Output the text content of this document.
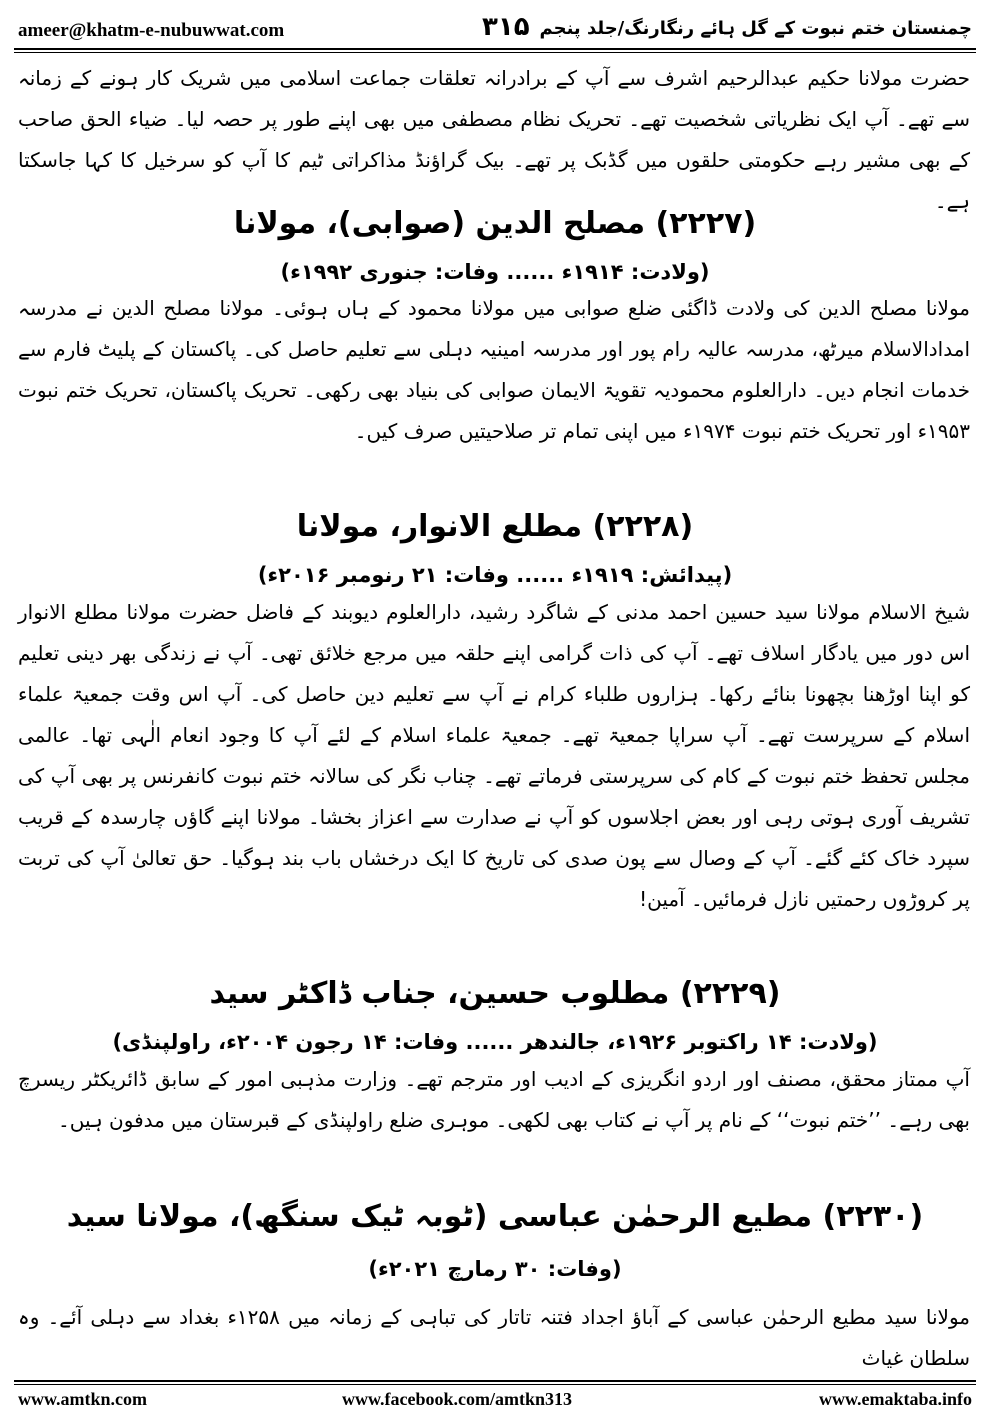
ameer@khatm-e-nubuwwat.com	۳۱۵ چمنستان ختم نبوت کے گل ہائے رنگارنگ/جلد پنجم
حضرت مولانا حکیم عبدالرحیم اشرف سے آپ کے برادرانہ تعلقات جماعت اسلامی میں شریک کار ہونے کے زمانہ سے تھے۔ آپ ایک نظریاتی شخصیت تھے۔ تحریک نظام مصطفی میں بھی اپنے طور پر حصہ لیا۔ ضیاء الحق صاحب کے بھی مشیر رہے حکومتی حلقوں میں گڈبک پر تھے۔ بیک گراؤنڈ مذاکراتی ٹیم کا آپ کو سرخیل کا کہا جاسکتا ہے۔
(۲۲۲۷) مصلح الدین (صوابی)، مولانا
(ولادت: ۱۹۱۴ء ...... وفات: جنوری ۱۹۹۲ء)
مولانا مصلح الدین کی ولادت ڈاگئی ضلع صوابی میں مولانا محمود کے ہاں ہوئی۔ مولانا مصلح الدین نے مدرسہ امدادالاسلام میرٹھ، مدرسہ عالیہ رام پور اور مدرسہ امینیہ دہلی سے تعلیم حاصل کی۔ پاکستان کے پلیٹ فارم سے خدمات انجام دیں۔ دارالعلوم محمودیہ تقویۃ الایمان صوابی کی بنیاد بھی رکھی۔ تحریک پاکستان، تحریک ختم نبوت ۱۹۵۳ء اور تحریک ختم نبوت ۱۹۷۴ء میں اپنی تمام تر صلاحیتیں صرف کیں۔
(۲۲۲۸) مطلع الانوار، مولانا
(پیدائش: ۱۹۱۹ء ...... وفات: ۲۱ رنومبر ۲۰۱۶ء)
شیخ الاسلام مولانا سید حسین احمد مدنی کے شاگرد رشید، دارالعلوم دیوبند کے فاضل حضرت مولانا مطلع الانوار اس دور میں یادگار اسلاف تھے۔ آپ کی ذات گرامی اپنے حلقہ میں مرجع خلائق تھی۔ آپ نے زندگی بھر دینی تعلیم کو اپنا اوڑھنا بچھونا بنائے رکھا۔ ہزاروں طلباء کرام نے آپ سے تعلیم دین حاصل کی۔ آپ اس وقت جمعیۃ علماء اسلام کے سرپرست تھے۔ آپ سراپا جمعیۃ تھے۔ جمعیۃ علماء اسلام کے لئے آپ کا وجود انعام الٰہی تھا۔ عالمی مجلس تحفظ ختم نبوت کے کام کی سرپرستی فرماتے تھے۔ چناب نگر کی سالانہ ختم نبوت کانفرنس پر بھی آپ کی تشریف آوری ہوتی رہی اور بعض اجلاسوں کو آپ نے صدارت سے اعزاز بخشا۔ مولانا اپنے گاؤں چارسدہ کے قریب سپرد خاک کئے گئے۔ آپ کے وصال سے پون صدی کی تاریخ کا ایک درخشاں باب بند ہوگیا۔ حق تعالیٰ آپ کی تربت پر کروڑوں رحمتیں نازل فرمائیں۔ آمین!
(۲۲۲۹) مطلوب حسین، جناب ڈاکٹر سید
(ولادت: ۱۴ راکتوبر ۱۹۲۶ء، جالندھر ...... وفات: ۱۴ رجون ۲۰۰۴ء، راولپنڈی)
آپ ممتاز محقق، مصنف اور اردو انگریزی کے ادیب اور مترجم تھے۔ وزارت مذہبی امور کے سابق ڈائریکٹر ریسرچ بھی رہے۔ ’’ختم نبوت‘‘ کے نام پر آپ نے کتاب بھی لکھی۔ موہری ضلع راولپنڈی کے قبرستان میں مدفون ہیں۔
(۲۲۳۰) مطیع الرحمٰن عباسی (ٹوبہ ٹیک سنگھ)، مولانا سید
(وفات: ۳۰ رمارچ ۲۰۲۱ء)
مولانا سید مطیع الرحمٰن عباسی کے آباؤ اجداد فتنہ تاتار کی تباہی کے زمانہ میں ۱۲۵۸ء بغداد سے دہلی آئے۔ وہ سلطان غیاث
www.amtkn.com	www.facebook.com/amtkn313	www.emaktaba.info
